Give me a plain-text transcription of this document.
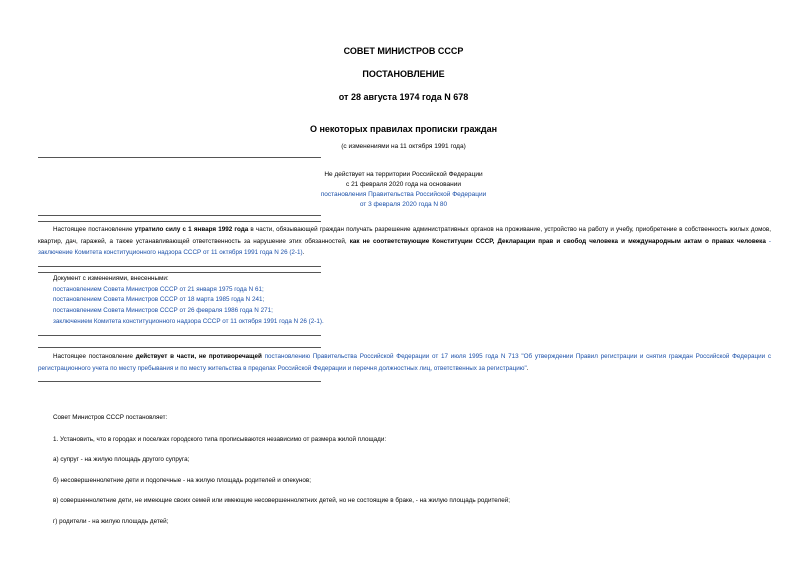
СОВЕТ МИНИСТРОВ СССР
ПОСТАНОВЛЕНИЕ
от 28 августа 1974 года N 678
О некоторых правилах прописки граждан
(с изменениями на 11 октября 1991 года)
Не действует на территории Российской Федерации
с 21 февраля 2020 года на основании
постановления Правительства Российской Федерации
от 3 февраля 2020 года N 80
Настоящее постановление утратило силу с 1 января 1992 года в части, обязывающей граждан получать разрешение административных органов на проживание, устройство на работу и учебу, приобретение в собственность жилых домов, квартир, дач, гаражей, а также устанавливающей ответственность за нарушение этих обязанностей, как не соответствующие Конституции СССР, Декларации прав и свобод человека и международным актам о правах человека - заключение Комитета конституционного надзора СССР от 11 октября 1991 года N 26 (2-1).
Документ с изменениями, внесенными:
постановлением Совета Министров СССР от 21 января 1975 года N 61;
постановлением Совета Министров СССР от 18 марта 1985 года N 241;
постановлением Совета Министров СССР от 26 февраля 1986 года N 271;
заключением Комитета конституционного надзора СССР от 11 октября 1991 года N 26 (2-1).
Настоящее постановление действует в части, не противоречащей постановлению Правительства Российской Федерации от 17 июля 1995 года N 713 "Об утверждении Правил регистрации и снятия граждан Российской Федерации с регистрационного учета по месту пребывания и по месту жительства в пределах Российской Федерации и перечня должностных лиц, ответственных за регистрацию".
Совет Министров СССР постановляет:
1. Установить, что в городах и поселках городского типа прописываются независимо от размера жилой площади:
а) супруг - на жилую площадь другого супруга;
б) несовершеннолетние дети и подопечные - на жилую площадь родителей и опекунов;
в) совершеннолетние дети, не имеющие своих семей или имеющие несовершеннолетних детей, но не состоящие в браке, - на жилую площадь родителей;
г) родители - на жилую площадь детей;
